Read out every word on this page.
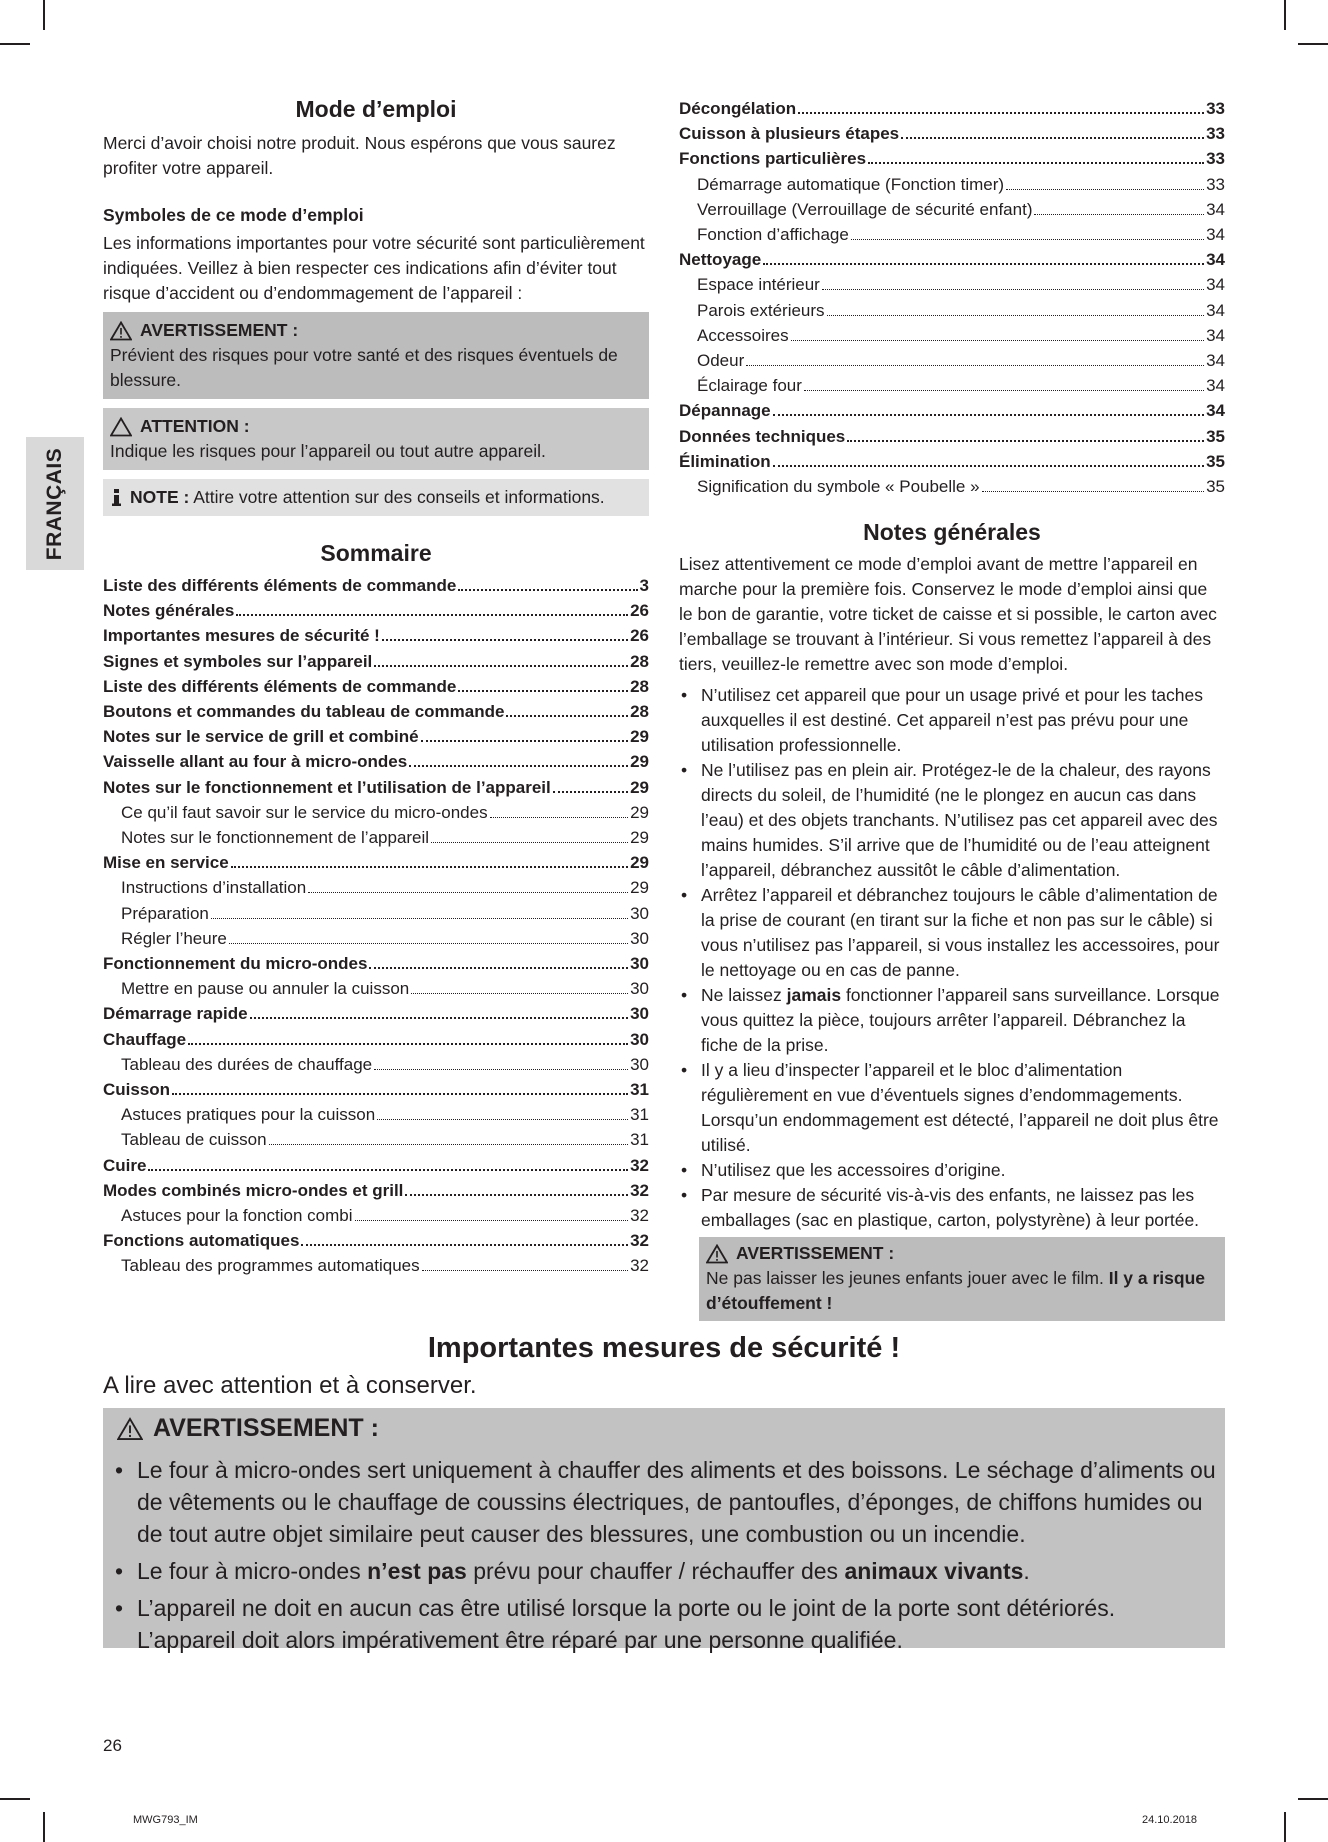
FRANÇAIS
Mode d’emploi

Merci d’avoir choisi notre produit. Nous espérons que vous saurez profiter votre appareil.

Symboles de ce mode d’emploi

Les informations importantes pour votre sécurité sont particulièrement indiquées. Veillez à bien respecter ces indications afin d’éviter tout risque d’accident ou d’endommagement de l’appareil :

AVERTISSEMENT :
Prévient des risques pour votre santé et des risques éventuels de blessure.
ATTENTION :
Indique les risques pour l’appareil ou tout autre appareil.
NOTE : Attire votre attention sur des conseils et informations.
Sommaire
Liste des différents éléments de commande	3
Notes générales	26
Importantes mesures de sécurité !	26
Signes et symboles sur l’appareil	28
Liste des différents éléments de commande	28
Boutons et commandes du tableau de commande	28
Notes sur le service de grill et combiné	29
Vaisselle allant au four à micro-ondes	29
Notes sur le fonctionnement et l’utilisation de l’appareil	29
Ce qu’il faut savoir sur le service du micro-ondes	29
Notes sur le fonctionnement de l’appareil	29
Mise en service	29
Instructions d’installation	29
Préparation	30
Régler l’heure	30
Fonctionnement du micro-ondes	30
Mettre en pause ou annuler la cuisson	30
Démarrage rapide	30
Chauffage	30
Tableau des durées de chauffage	30
Cuisson	31
Astuces pratiques pour la cuisson	31
Tableau de cuisson	31
Cuire	32
Modes combinés micro-ondes et grill	32
Astuces pour la fonction combi	32
Fonctions automatiques	32
Tableau des programmes automatiques	32
Décongélation	33
Cuisson à plusieurs étapes	33
Fonctions particulières	33
Démarrage automatique (Fonction timer)	33
Verrouillage (Verrouillage de sécurité enfant)	34
Fonction d’affichage	34
Nettoyage	34
Espace intérieur	34
Parois extérieurs	34
Accessoires	34
Odeur	34
Éclairage four	34
Dépannage	34
Données techniques	35
Élimination	35
Signification du symbole « Poubelle »	35
Notes générales

Lisez attentivement ce mode d’emploi avant de mettre l’appareil en marche pour la première fois. Conservez le mode d’emploi ainsi que le bon de garantie, votre ticket de caisse et si possible, le carton avec l’emballage se trouvant à l’intérieur. Si vous remettez l’appareil à des tiers, veuillez-le remettre avec son mode d’emploi.

• N’utilisez cet appareil que pour un usage privé et pour les taches auxquelles il est destiné. Cet appareil n’est pas prévu pour une utilisation professionnelle.
• Ne l’utilisez pas en plein air. Protégez-le de la chaleur, des rayons directs du soleil, de l’humidité (ne le plongez en aucun cas dans l’eau) et des objets tranchants. N’utilisez pas cet appareil avec des mains humides. S’il arrive que de l’humidité ou de l’eau atteignent l’appareil, débranchez aussitôt le câble d’alimentation.
• Arrêtez l’appareil et débranchez toujours le câble d’alimentation de la prise de courant (en tirant sur la fiche et non pas sur le câble) si vous n’utilisez pas l’appareil, si vous installez les accessoires, pour le nettoyage ou en cas de panne.
• Ne laissez jamais fonctionner l’appareil sans surveillance. Lorsque vous quittez la pièce, toujours arrêter l’appareil. Débranchez la fiche de la prise.
• Il y a lieu d’inspecter l’appareil et le bloc d’alimentation régulièrement en vue d’éventuels signes d’endommagements. Lorsqu’un endommagement est détecté, l’appareil ne doit plus être utilisé.
• N’utilisez que les accessoires d’origine.
• Par mesure de sécurité vis-à-vis des enfants, ne laissez pas les emballages (sac en plastique, carton, polystyrène) à leur portée.
AVERTISSEMENT :
Ne pas laisser les jeunes enfants jouer avec le film. Il y a risque d’étouffement !
Importantes mesures de sécurité !
A lire avec attention et à conserver.
AVERTISSEMENT :
• Le four à micro-ondes sert uniquement à chauffer des aliments et des boissons. Le séchage d’aliments ou de vêtements ou le chauffage de coussins électriques, de pantoufles, d’éponges, de chiffons humides ou de tout autre objet similaire peut causer des blessures, une combustion ou un incendie.
• Le four à micro-ondes n’est pas prévu pour chauffer / réchauffer des animaux vivants.
• L’appareil ne doit en aucun cas être utilisé lorsque la porte ou le joint de la porte sont détériorés. L’appareil doit alors impérativement être réparé par une personne qualifiée.
26
MWG793_IM	24.10.2018
